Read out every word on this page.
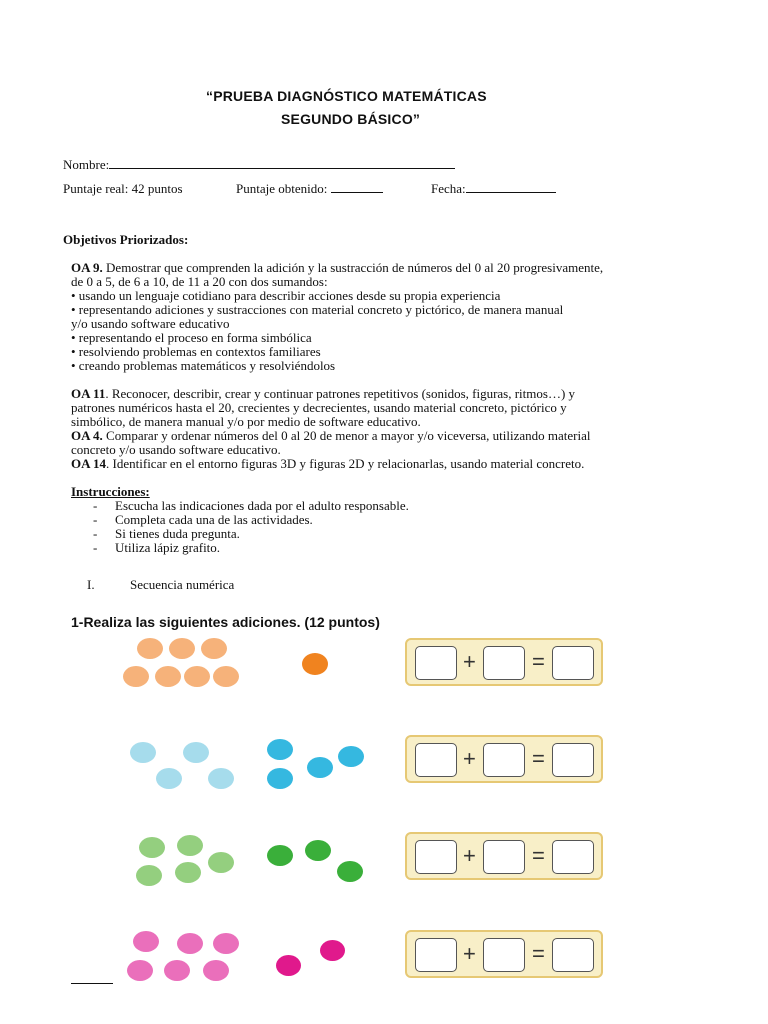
“PRUEBA DIAGNÓSTICO MATEMÁTICAS
SEGUNDO BÁSICO”
Nombre:
Puntaje real: 42 puntos	Puntaje obtenido:	Fecha:
Objetivos Priorizados:
OA 9. Demostrar que comprenden la adición y la sustracción de números del 0 al 20 progresivamente,
de 0 a 5, de 6 a 10, de 11 a 20 con dos sumandos:
• usando un lenguaje cotidiano para describir acciones desde su propia experiencia
• representando adiciones y sustracciones con material concreto y pictórico, de manera manual
y/o usando software educativo
• representando el proceso en forma simbólica
• resolviendo problemas en contextos familiares
• creando problemas matemáticos y resolviéndolos
OA 11. Reconocer, describir, crear y continuar patrones repetitivos (sonidos, figuras, ritmos…) y
patrones numéricos hasta el 20, crecientes y decrecientes, usando material concreto, pictórico y
simbólico, de manera manual y/o por medio de software educativo.
OA 4. Comparar y ordenar números del 0 al 20 de menor a mayor y/o viceversa, utilizando material
concreto y/o usando software educativo.
OA 14. Identificar en el entorno figuras 3D y figuras 2D y relacionarlas, usando material concreto.
Instrucciones:
- Escucha las indicaciones dada por el adulto responsable.
- Completa cada una de las actividades.
- Si tienes duda pregunta.
- Utiliza lápiz grafito.
I.	Secuencia numérica
1-Realiza las siguientes adiciones. (12 puntos)
+	=
+	=
+	=
+	=
